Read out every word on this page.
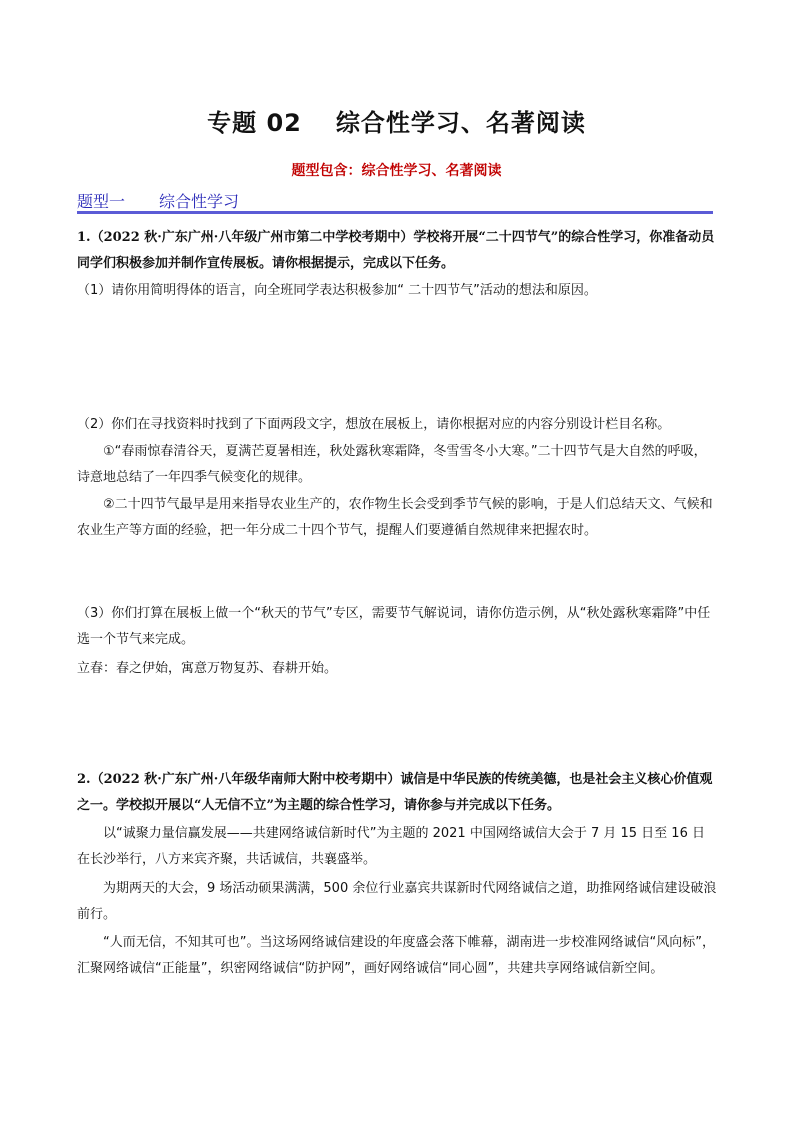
专题 02 综合性学习、名著阅读
题型包含：综合性学习、名著阅读
题型一 综合性学习

1.（2022 秋·广东广州·八年级广州市第二中学校考期中）学校将开展“二十四节气”的综合性学习，你准备动员同学们积极参加并制作宣传展板。请你根据提示，完成以下任务。

（1）请你用简明得体的语言，向全班同学表达积极参加“ 二十四节气”活动的想法和原因。

（2）你们在寻找资料时找到了下面两段文字，想放在展板上，请你根据对应的内容分别设计栏目名称。

①“春雨惊春清谷天，夏满芒夏暑相连，秋处露秋寒霜降，冬雪雪冬小大寒。”二十四节气是大自然的呼吸，诗意地总结了一年四季气候变化的规律。

②二十四节气最早是用来指导农业生产的，农作物生长会受到季节气候的影响，于是人们总结天文、气候和农业生产等方面的经验，把一年分成二十四个节气，提醒人们要遵循自然规律来把握农时。

（3）你们打算在展板上做一个“秋天的节气”专区，需要节气解说词，请你仿造示例，从“秋处露秋寒霜降”中任选一个节气来完成。

立春：春之伊始，寓意万物复苏、春耕开始。

2.（2022 秋·广东广州·八年级华南师大附中校考期中）诚信是中华民族的传统美德，也是社会主义核心价值观之一。学校拟开展以“人无信不立”为主题的综合性学习，请你参与并完成以下任务。

以“诚聚力量信赢发展——共建网络诚信新时代”为主题的 2021 中国网络诚信大会于 7 月 15 日至 16 日在长沙举行，八方来宾齐聚，共话诚信，共襄盛举。

为期两天的大会，9 场活动硕果满满，500 余位行业嘉宾共谋新时代网络诚信之道，助推网络诚信建设破浪前行。

“人而无信，不知其可也”。当这场网络诚信建设的年度盛会落下帷幕，湖南进一步校准网络诚信“风向标”，汇聚网络诚信“正能量”，织密网络诚信“防护网”，画好网络诚信“同心圆”，共建共享网络诚信新空间。
